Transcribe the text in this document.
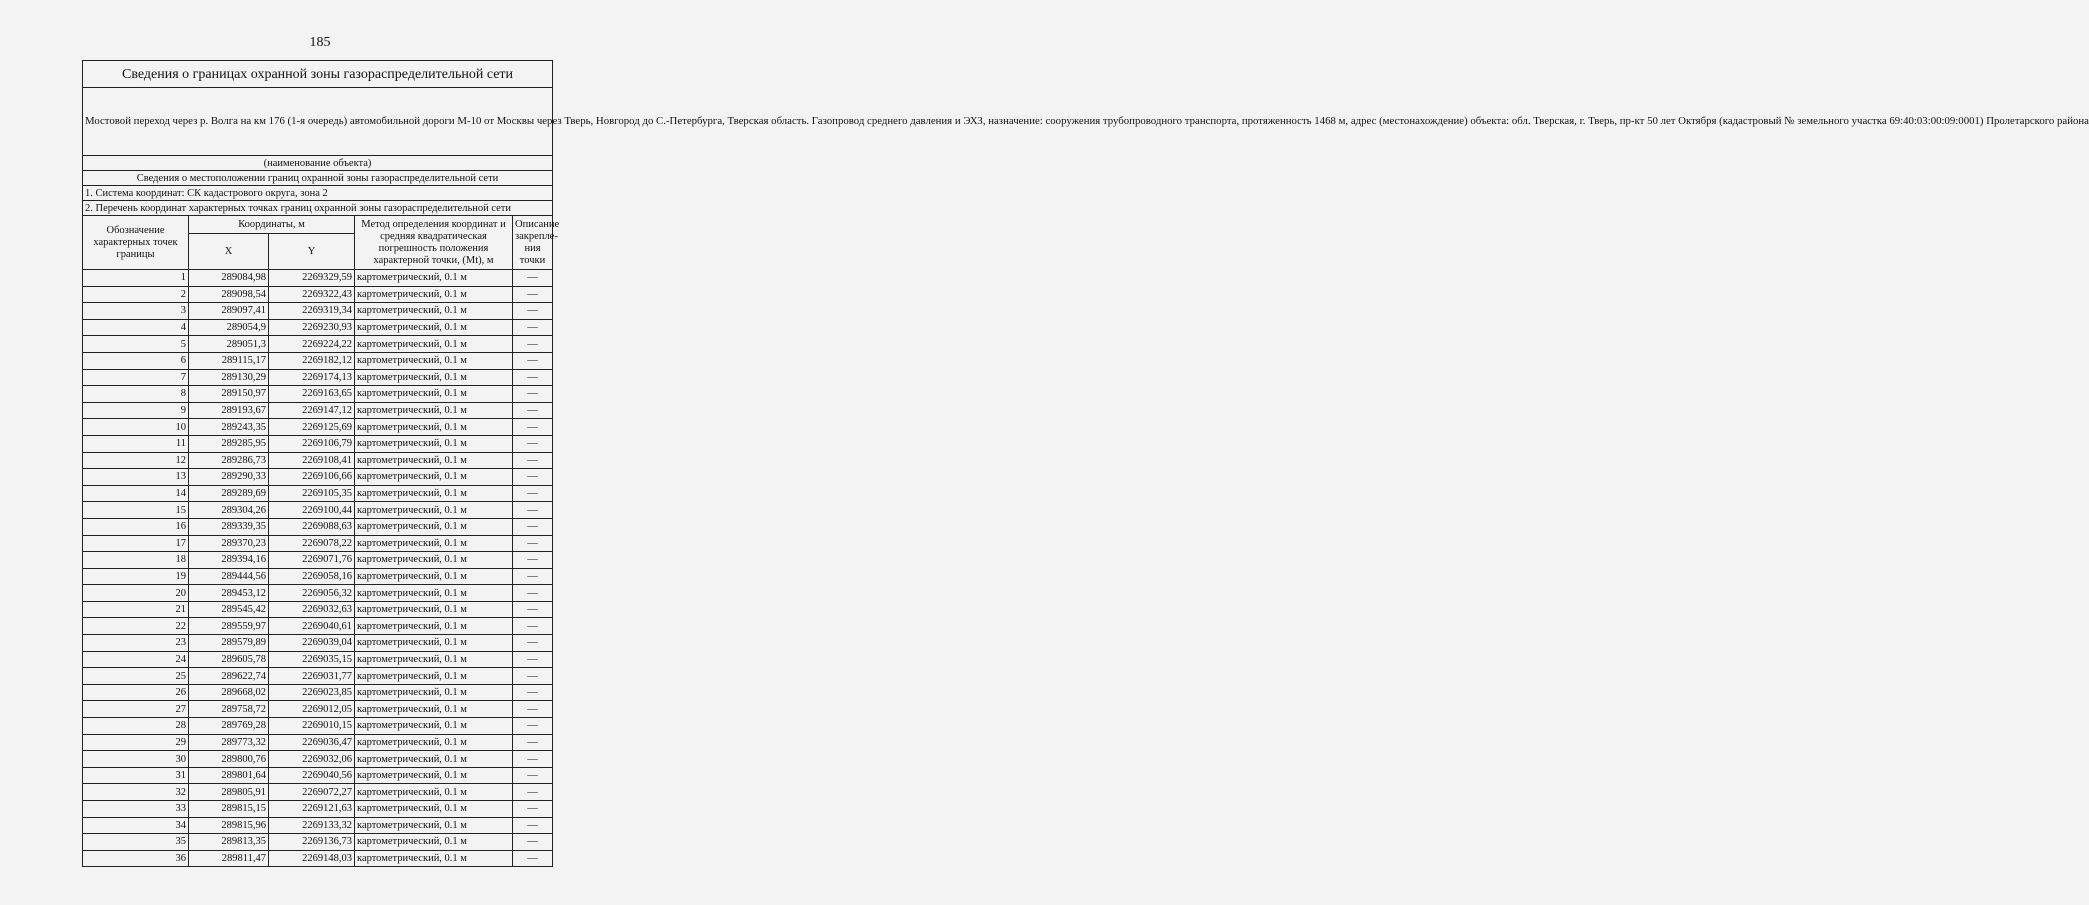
185
Сведения о границах охранной зоны газораспределительной сети				
Мостовой переход через р. Волга на км 176 (1-я очередь) автомобильной дороги М-10 от Москвы через Тверь, Новгород до С.-Петербурга, Тверская область. Газопровод среднего давления и ЭХЗ, назначение: сооружения трубопроводного транспорта, протяженность 1468 м, адрес (местонахождение) объекта: обл. Тверская, г. Тверь, пр-кт 50 лет Октября (кадастровый № земельного участка 69:40:03:00:09:0001) Пролетарского района				
(наименование объекта)				
Сведения о местоположении границ охранной зоны газораспределительной сети				
1. Система координат: СК кадастрового округа, зона 2				
2. Перечень координат характерных точках границ охранной зоны газораспределительной сети				
Обозначение характерных точек границы	Координаты, м		Метод определения координат и средняя квадратическая погрешность положения характерной точки, (Mt), м	Описание закрепле-ния точки
	X	Y		
1	289084,98	2269329,59	картометрический, 0.1 м	—
2	289098,54	2269322,43	картометрический, 0.1 м	—
3	289097,41	2269319,34	картометрический, 0.1 м	—
4	289054,9	2269230,93	картометрический, 0.1 м	—
5	289051,3	2269224,22	картометрический, 0.1 м	—
6	289115,17	2269182,12	картометрический, 0.1 м	—
7	289130,29	2269174,13	картометрический, 0.1 м	—
8	289150,97	2269163,65	картометрический, 0.1 м	—
9	289193,67	2269147,12	картометрический, 0.1 м	—
10	289243,35	2269125,69	картометрический, 0.1 м	—
11	289285,95	2269106,79	картометрический, 0.1 м	—
12	289286,73	2269108,41	картометрический, 0.1 м	—
13	289290,33	2269106,66	картометрический, 0.1 м	—
14	289289,69	2269105,35	картометрический, 0.1 м	—
15	289304,26	2269100,44	картометрический, 0.1 м	—
16	289339,35	2269088,63	картометрический, 0.1 м	—
17	289370,23	2269078,22	картометрический, 0.1 м	—
18	289394,16	2269071,76	картометрический, 0.1 м	—
19	289444,56	2269058,16	картометрический, 0.1 м	—
20	289453,12	2269056,32	картометрический, 0.1 м	—
21	289545,42	2269032,63	картометрический, 0.1 м	—
22	289559,97	2269040,61	картометрический, 0.1 м	—
23	289579,89	2269039,04	картометрический, 0.1 м	—
24	289605,78	2269035,15	картометрический, 0.1 м	—
25	289622,74	2269031,77	картометрический, 0.1 м	—
26	289668,02	2269023,85	картометрический, 0.1 м	—
27	289758,72	2269012,05	картометрический, 0.1 м	—
28	289769,28	2269010,15	картометрический, 0.1 м	—
29	289773,32	2269036,47	картометрический, 0.1 м	—
30	289800,76	2269032,06	картометрический, 0.1 м	—
31	289801,64	2269040,56	картометрический, 0.1 м	—
32	289805,91	2269072,27	картометрический, 0.1 м	—
33	289815,15	2269121,63	картометрический, 0.1 м	—
34	289815,96	2269133,32	картометрический, 0.1 м	—
35	289813,35	2269136,73	картометрический, 0.1 м	—
36	289811,47	2269148,03	картометрический, 0.1 м	—
